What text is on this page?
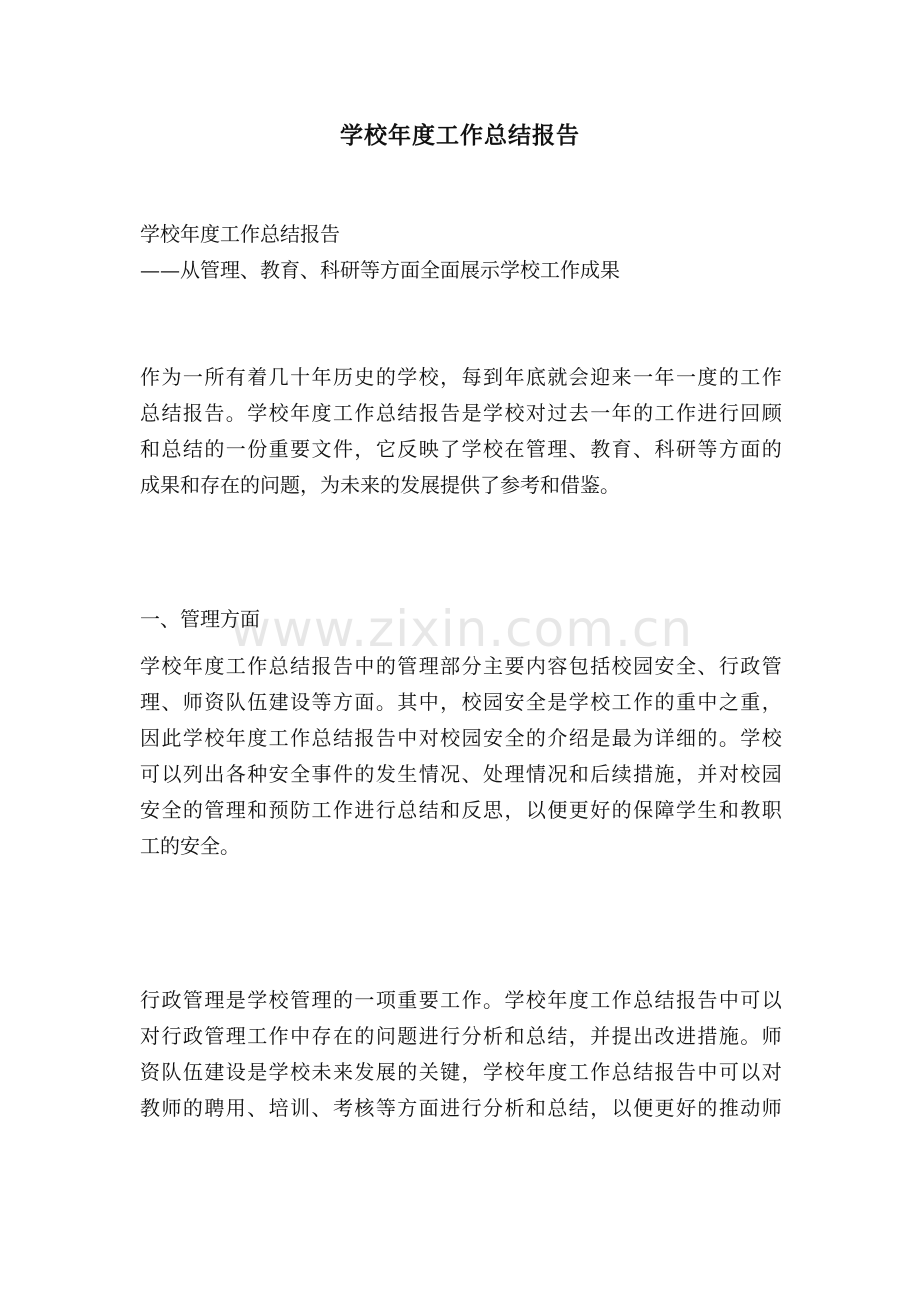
学校年度工作总结报告
学校年度工作总结报告
——从管理、教育、科研等方面全面展示学校工作成果
作 为 一 所 有 着 几 十 年 历 史 的 学 校 ， 每 到 年 底 就 会 迎 来 一 年 一 度 的 工 作
总 结 报 告 。 学 校 年 度 工 作 总 结 报 告 是 学 校 对 过 去 一 年 的 工 作 进 行 回 顾
和 总 结 的 一 份 重 要 文 件 ， 它 反 映 了 学 校 在 管 理 、 教 育 、 科 研 等 方 面 的
成果和存在的问题，为未来的发展提供了参考和借鉴。
一、管理方面
学 校 年 度 工 作 总 结 报 告 中 的 管 理 部 分 主 要 内 容 包 括 校 园 安 全 、 行 政 管
理 、 师 资 队 伍 建 设 等 方 面 。 其 中 ， 校 园 安 全 是 学 校 工 作 的 重 中 之 重 ，
因 此 学 校 年 度 工 作 总 结 报 告 中 对 校 园 安 全 的 介 绍 是 最 为 详 细 的 。 学 校
可 以 列 出 各 种 安 全 事 件 的 发 生 情 况 、 处 理 情 况 和 后 续 措 施 ， 并 对 校 园
安 全 的 管 理 和 预 防 工 作 进 行 总 结 和 反 思 ， 以 便 更 好 的 保 障 学 生 和 教 职
工的安全。
行 政 管 理 是 学 校 管 理 的 一 项 重 要 工 作 。 学 校 年 度 工 作 总 结 报 告 中 可 以
对 行 政 管 理 工 作 中 存 在 的 问 题 进 行 分 析 和 总 结 ， 并 提 出 改 进 措 施 。 师
资 队 伍 建 设 是 学 校 未 来 发 展 的 关 键 ， 学 校 年 度 工 作 总 结 报 告 中 可 以 对
教 师 的 聘 用 、 培 训 、 考 核 等 方 面 进 行 分 析 和 总 结 ， 以 便 更 好 的 推 动 师
www.zixin.com.cn
